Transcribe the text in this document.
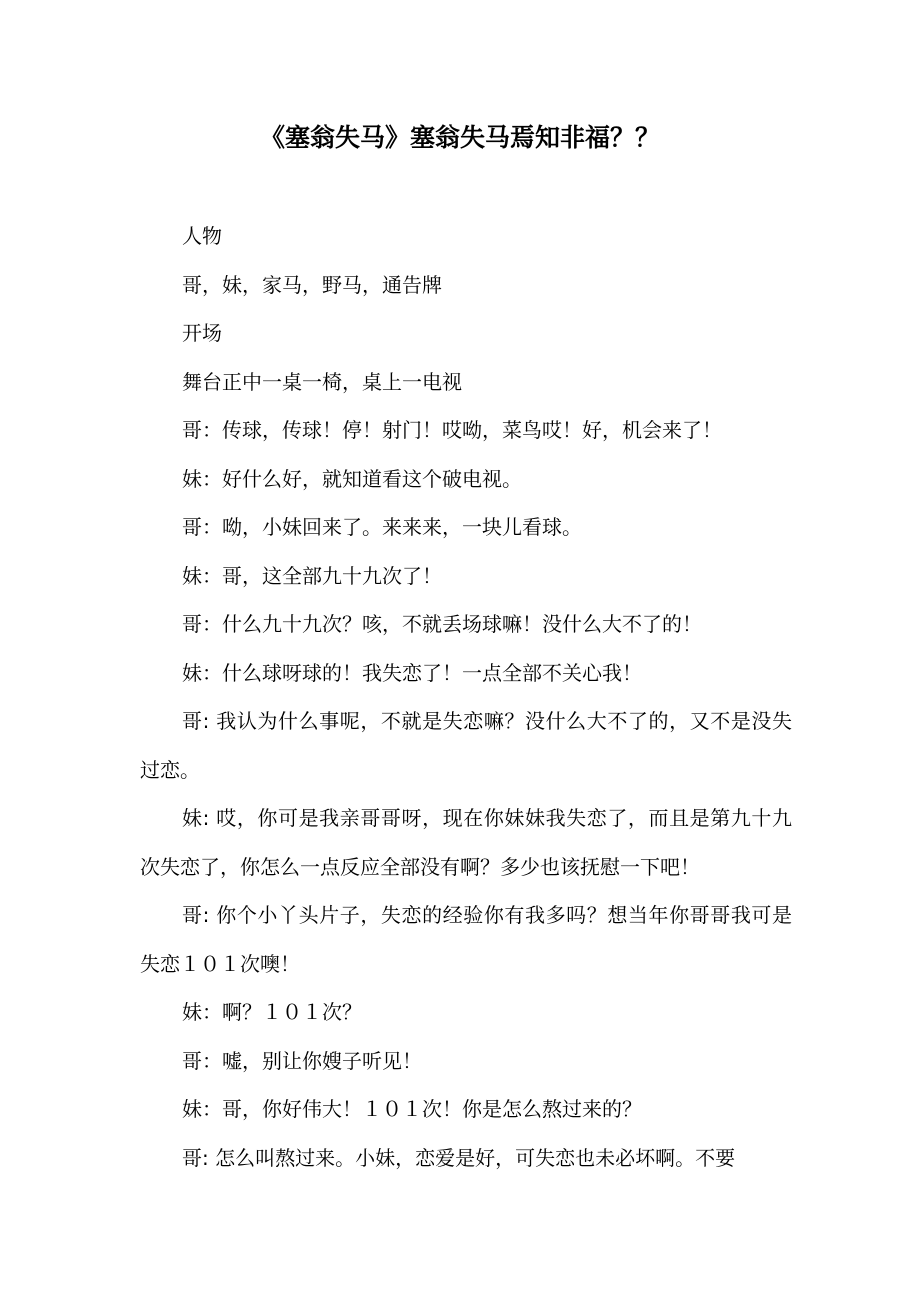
《塞翁失马》塞翁失马焉知非福？？

人物

哥，妹，家马，野马，通告牌

开场

舞台正中一桌一椅，桌上一电视

哥：传球，传球！停！射门！哎呦，菜鸟哎！好，机会来了！

妹：好什么好，就知道看这个破电视。

哥：呦，小妹回来了。来来来，一块儿看球。

妹：哥，这全部九十九次了！

哥：什么九十九次？咳，不就丢场球嘛！没什么大不了的！

妹：什么球呀球的！我失恋了！一点全部不关心我！

哥: 我认为什么事呢，不就是失恋嘛？没什么大不了的，又不是没失过恋。

妹: 哎，你可是我亲哥哥呀，现在你妹妹我失恋了，而且是第九十九次失恋了，你怎么一点反应全部没有啊？多少也该抚慰一下吧！

哥: 你个小丫头片子，失恋的经验你有我多吗？想当年你哥哥我可是失恋１０１次噢！

妹：啊？１０１次？

哥：嘘，别让你嫂子听见！

妹：哥，你好伟大！１０１次！你是怎么熬过来的？

哥: 怎么叫熬过来。小妹，恋爱是好，可失恋也未必坏啊。不要
